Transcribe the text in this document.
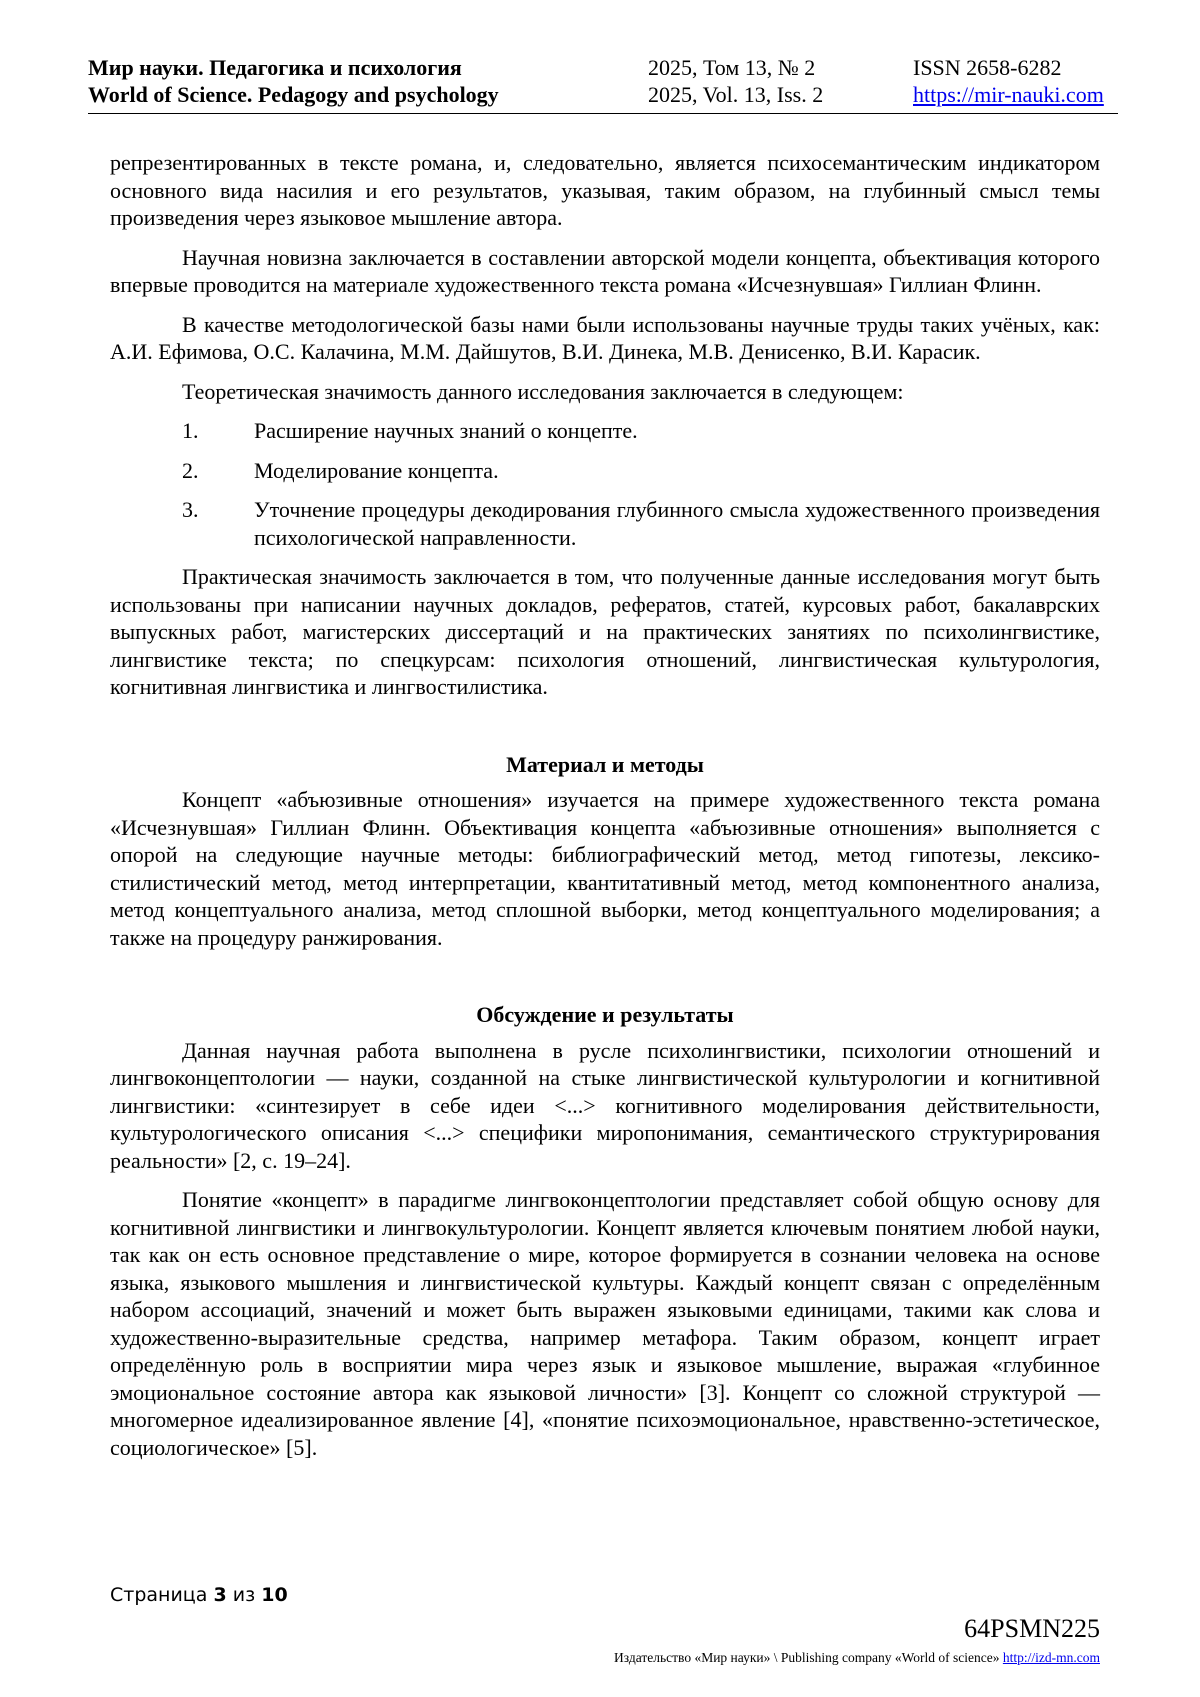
Мир науки. Педагогика и психология
World of Science. Pedagogy and psychology
2025, Том 13, № 2
2025, Vol. 13, Iss. 2
ISSN 2658-6282
https://mir-nauki.com

репрезентированных в тексте романа, и, следовательно, является психосемантическим индикатором основного вида насилия и его результатов, указывая, таким образом, на глубинный смысл темы произведения через языковое мышление автора.

Научная новизна заключается в составлении авторской модели концепта, объективация которого впервые проводится на материале художественного текста романа «Исчезнувшая» Гиллиан Флинн.

В качестве методологической базы нами были использованы научные труды таких учёных, как: А.И. Ефимова, О.С. Калачина, М.М. Дайшутов, В.И. Динека, М.В. Денисенко, В.И. Карасик.

Теоретическая значимость данного исследования заключается в следующем:

1.	Расширение научных знаний о концепте.
2.	Моделирование концепта.
3.	Уточнение процедуры декодирования глубинного смысла художественного произведения психологической направленности.

Практическая значимость заключается в том, что полученные данные исследования могут быть использованы при написании научных докладов, рефератов, статей, курсовых работ, бакалаврских выпускных работ, магистерских диссертаций и на практических занятиях по психолингвистике, лингвистике текста; по спецкурсам: психология отношений, лингвистическая культурология, когнитивная лингвистика и лингвостилистика.

Материал и методы

Концепт «абъюзивные отношения» изучается на примере художественного текста романа «Исчезнувшая» Гиллиан Флинн. Объективация концепта «абъюзивные отношения» выполняется с опорой на следующие научные методы: библиографический метод, метод гипотезы, лексико-стилистический метод, метод интерпретации, квантитативный метод, метод компонентного анализа, метод концептуального анализа, метод сплошной выборки, метод концептуального моделирования; а также на процедуру ранжирования.

Обсуждение и результаты

Данная научная работа выполнена в русле психолингвистики, психологии отношений и лингвоконцептологии — науки, созданной на стыке лингвистической культурологии и когнитивной лингвистики: «синтезирует в себе идеи <...> когнитивного моделирования действительности, культурологического описания <...> специфики миропонимания, семантического структурирования реальности» [2, с. 19–24].

Понятие «концепт» в парадигме лингвоконцептологии представляет собой общую основу для когнитивной лингвистики и лингвокультурологии. Концепт является ключевым понятием любой науки, так как он есть основное представление о мире, которое формируется в сознании человека на основе языка, языкового мышления и лингвистической культуры. Каждый концепт связан с определённым набором ассоциаций, значений и может быть выражен языковыми единицами, такими как слова и художественно-выразительные средства, например метафора. Таким образом, концепт играет определённую роль в восприятии мира через язык и языковое мышление, выражая «глубинное эмоциональное состояние автора как языковой личности» [3]. Концепт со сложной структурой — многомерное идеализированное явление [4], «понятие психоэмоциональное, нравственно-эстетическое, социологическое» [5].

Страница 3 из 10
64PSMN225
Издательство «Мир науки» \ Publishing company «World of science» http://izd-mn.com
